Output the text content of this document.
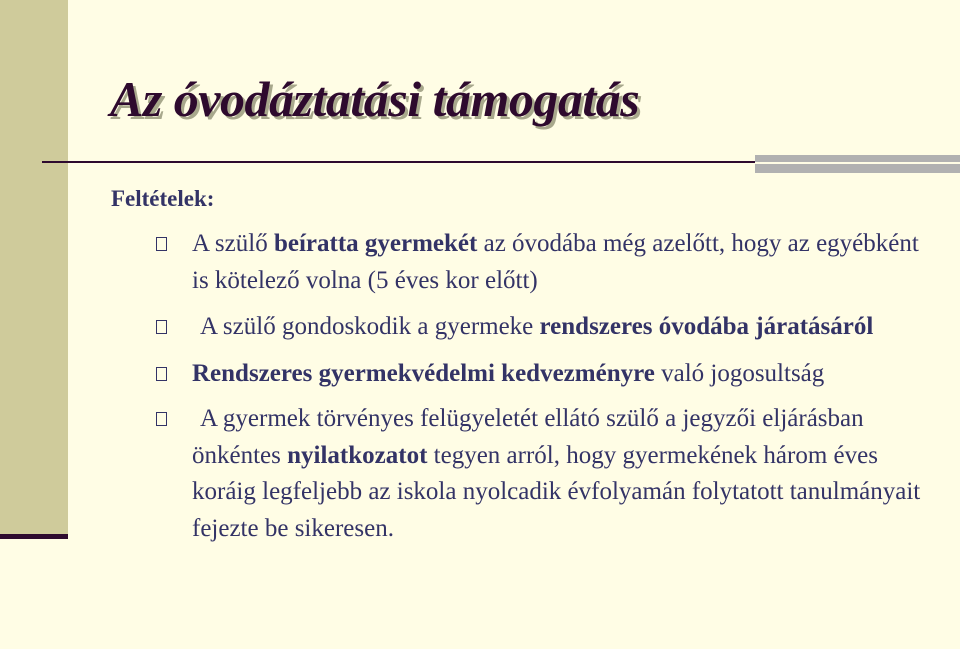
Az óvodáztatási támogatás

Feltételek:

A szülő beíratta gyermekét az óvodába még azelőtt, hogy az egyébként is kötelező volna (5 éves kor előtt)
A szülő gondoskodik a gyermeke rendszeres óvodába járatásáról
Rendszeres gyermekvédelmi kedvezményre való jogosultság
A gyermek törvényes felügyeletét ellátó szülő a jegyzői eljárásban önkéntes nyilatkozatot tegyen arról, hogy gyermekének három éves koráig legfeljebb az iskola nyolcadik évfolyamán folytatott tanulmányait fejezte be sikeresen.
